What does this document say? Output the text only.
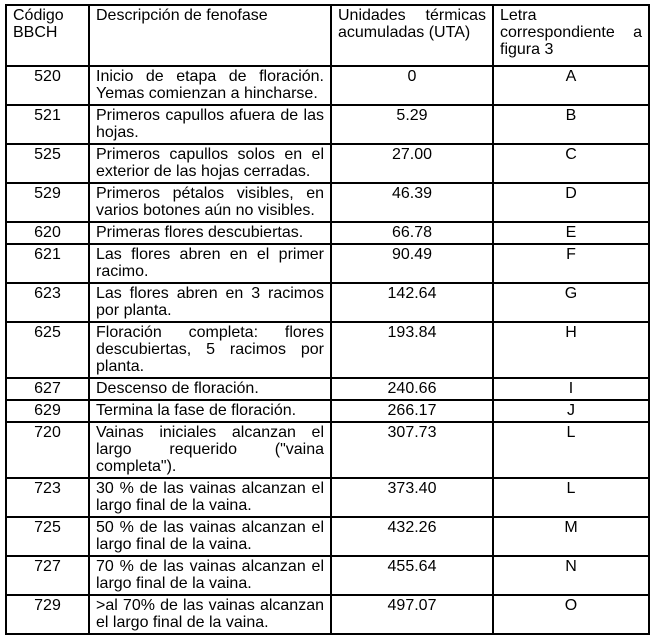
Código BBCH	Descripción de fenofase	Unidades térmicas acumuladas (UTA)	Letra correspondiente a figura 3
520	Inicio de etapa de floración. Yemas comienzan a hincharse.	0	A
521	Primeros capullos afuera de las hojas.	5.29	B
525	Primeros capullos solos en el exterior de las hojas cerradas.	27.00	C
529	Primeros pétalos visibles, en varios botones aún no visibles.	46.39	D
620	Primeras flores descubiertas.	66.78	E
621	Las flores abren en el primer racimo.	90.49	F
623	Las flores abren en 3 racimos por planta.	142.64	G
625	Floración completa: flores descubiertas, 5 racimos por planta.	193.84	H
627	Descenso de floración.	240.66	I
629	Termina la fase de floración.	266.17	J
720	Vainas iniciales alcanzan el largo requerido ("vaina completa").	307.73	L
723	30 % de las vainas alcanzan el largo final de la vaina.	373.40	L
725	50 % de las vainas alcanzan el largo final de la vaina.	432.26	M
727	70 % de las vainas alcanzan el largo final de la vaina.	455.64	N
729	>al 70% de las vainas alcanzan el largo final de la vaina.	497.07	O
